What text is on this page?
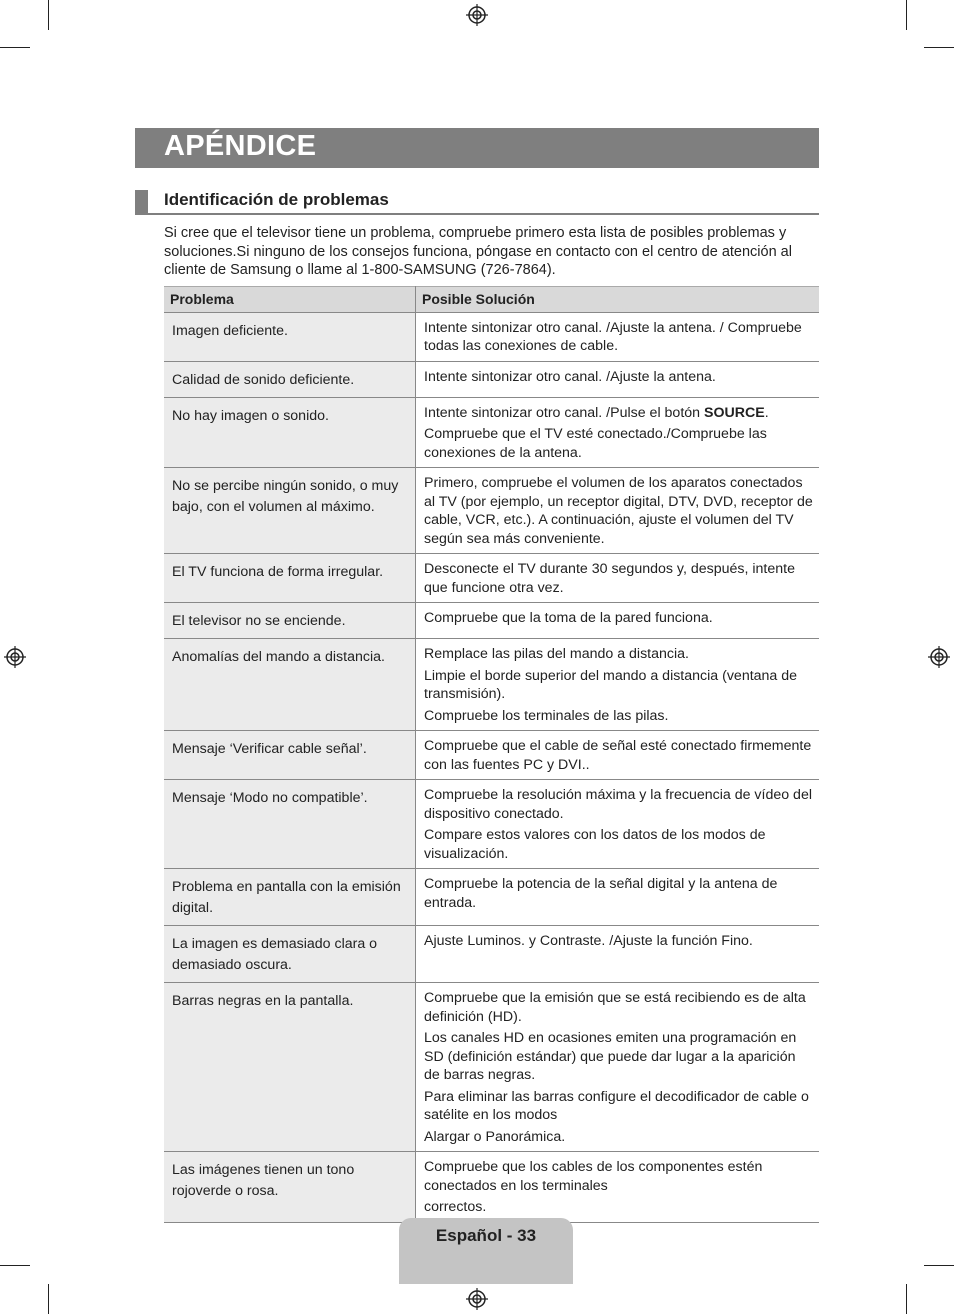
APÉNDICE
Identificación de problemas
Si cree que el televisor tiene un problema, compruebe primero esta lista de posibles problemas y soluciones.Si ninguno de los consejos funciona, póngase en contacto con el centro de atención al cliente de Samsung o llame al 1-800-SAMSUNG (726-7864).
Problema	Posible Solución
Imagen deficiente.	Intente sintonizar otro canal. /Ajuste la antena. / Compruebe todas las conexiones de cable.

Calidad de sonido deficiente.	Intente sintonizar otro canal. /Ajuste la antena.

No hay imagen o sonido.	Intente sintonizar otro canal. /Pulse el botón SOURCE.
Compruebe que el TV esté conectado./Compruebe las conexiones de la antena.

No se percibe ningún sonido, o muy bajo, con el volumen al máximo.	Primero, compruebe el volumen de los aparatos conectados al TV (por ejemplo, un receptor digital, DTV, DVD, receptor de cable, VCR, etc.). A continuación, ajuste el volumen del TV según sea más conveniente.

El TV funciona de forma irregular.	Desconecte el TV durante 30 segundos y, después, intente que funcione otra vez.

El televisor no se enciende.	Compruebe que la toma de la pared funciona.

Anomalías del mando a distancia.	Remplace las pilas del mando a distancia.
Limpie el borde superior del mando a distancia (ventana de transmisión).
Compruebe los terminales de las pilas.

Mensaje ‘Verificar cable señal’.	Compruebe que el cable de señal esté conectado firmemente con las fuentes PC y DVI..

Mensaje ‘Modo no compatible’.	Compruebe la resolución máxima y la frecuencia de vídeo del dispositivo conectado.
Compare estos valores con los datos de los modos de visualización.

Problema en pantalla con la emisión digital.	Compruebe la potencia de la señal digital y la antena de entrada.

La imagen es demasiado clara o demasiado oscura.	Ajuste Luminos. y Contraste. /Ajuste la función Fino.

Barras negras en la pantalla.	Compruebe que la emisión que se está recibiendo es de alta definición (HD).
Los canales HD en ocasiones emiten una programación en SD (definición estándar) que puede dar lugar a la aparición de barras negras.
Para eliminar las barras configure el decodificador de cable o satélite en los modos
Alargar o Panorámica.

Las imágenes tienen un tono rojoverde o rosa.	Compruebe que los cables de los componentes estén conectados en los terminales
correctos.
Español - 33
